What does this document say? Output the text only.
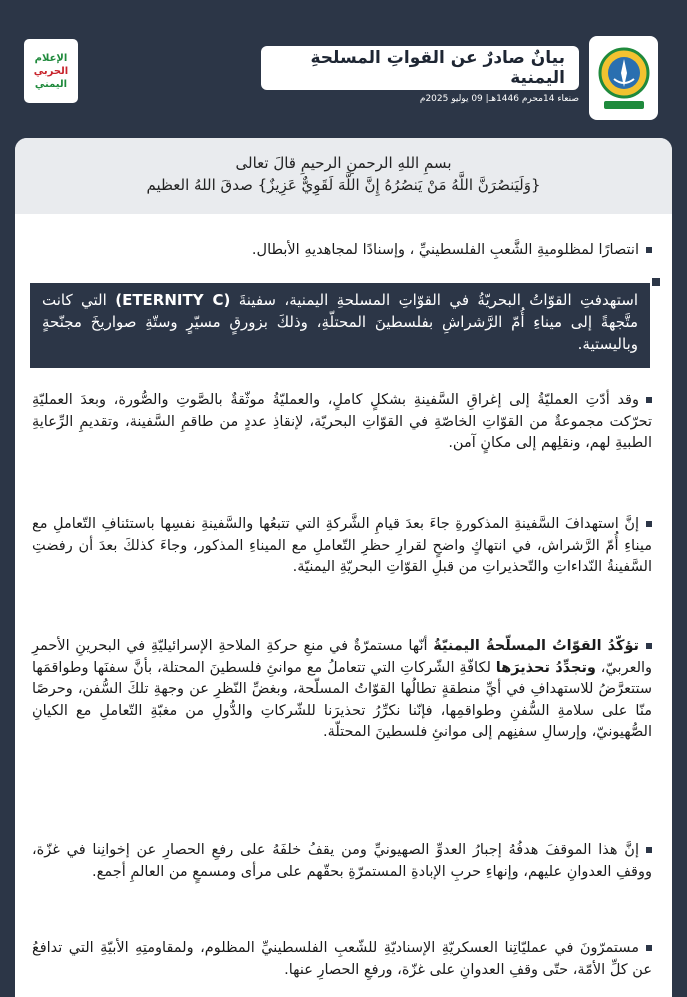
بيانٌ صادرٌ عن القواتِ المسلحةِ اليمنية
صنعاء 14محرم 1446هـ| 09 يوليو 2025م
الإعلام
الحربي
اليمني
بسمِ اللهِ الرحمنِ الرحيمِ قالَ تعالى
{وَلَيَنصُرَنَّ اللَّهُ مَنْ يَنصُرُهُ إِنَّ اللَّهَ لَقَوِيٌّ عَزِيزٌ} صدقَ اللهُ العظيم
انتصارًا لمظلوميةِ الشَّعبِ الفلسطينيِّ ، وإسنادًا لمجاهديهِ الأبطال.
استهدفتِ القوّاتُ البحريّةُ في القوّاتِ المسلحةِ اليمنية، سفينةَ (ETERNITY C) التي كانت متَّجهةً إلى ميناءِ أُمّ الرَّشراشِ بفلسطينَ المحتلّةِ، وذلكَ بزورقٍ مسيّرٍ وستّةِ صواريخَ مجنّحةٍ وباليستية.
وقد أدّتِ العمليّةُ إلى إغراقِ السَّفينةِ بشكلٍ كاملٍ، والعمليّةُ موثّقةٌ بالصَّوتِ والصُّورة، وبعدَ العمليّةِ تحرّكت مجموعةٌ من القوّاتِ الخاصّةِ في القوّاتِ البحريّة، لإنقاذِ عددٍ من طاقمِ السَّفينة، وتقديمِ الرِّعايةِ الطبيةِ لهم، ونقلِهم إلى مكانٍ آمن.
إنَّ استهدافَ السَّفينةِ المذكورةِ جاءَ بعدَ قيامِ الشَّركةِ التي تتبعُها والسَّفينةِ نفسِها باستئنافِ التّعاملِ مع ميناءِ أُمّ الرَّشراش، في انتهاكٍ واضحٍ لقرارِ حظرِ التّعاملِ مع الميناءِ المذكور، وجاءَ كذلكَ بعدَ أن رفضتِ السَّفينةُ النّداءاتِ والتّحذيراتِ من قبلِ القوّاتِ البحريّةِ اليمنيّة.
تؤكّدُ القوّاتُ المسلّحةُ اليمنيّةُ أنّها مستمرّةٌ في منعِ حركةِ الملاحةِ الإسرائيليّةِ في البحرينِ الأحمرِ والعربيّ، وتجدِّدُ تحذيرَها لكافّةِ الشّركاتِ التي تتعاملُ مع موانئِ فلسطينَ المحتلة، بأنَّ سفنَها وطواقمَها ستتعرَّضُ للاستهدافِ في أيِّ منطقةٍ تطالُها القوّاتُ المسلّحة، وبغضِّ النّظرِ عن وجهةِ تلكَ السُّفن، وحرصًا منّا على سلامةِ السُّفنِ وطواقمِها، فإنّنا نكرِّرُ تحذيرَنا للشّركاتِ والدُّولِ من مغبّةِ التّعاملِ مع الكيانِ الصُّهيونيّ، وإرسالِ سفنِهم إلى موانئِ فلسطينَ المحتلّة.
إنَّ هذا الموقفَ هدفُهُ إجبارُ العدوِّ الصهيونيِّ ومن يقفُ خلفَهُ على رفعِ الحصارِ عن إخوانِنا في غزّة، ووقفِ العدوانِ عليهم، وإنهاءِ حربِ الإبادةِ المستمرّةِ بحقّهم على مرأى ومسمعٍ من العالمِ أجمع.
مستمرّونَ في عمليّاتِنا العسكريّةِ الإسناديّةِ للشّعبِ الفلسطينيِّ المظلوم، ولمقاومتِهِ الأبيّةِ التي تدافعُ عن كلِّ الأمّة، حتّى وقفِ العدوانِ على غزّة، ورفعِ الحصارِ عنها.
